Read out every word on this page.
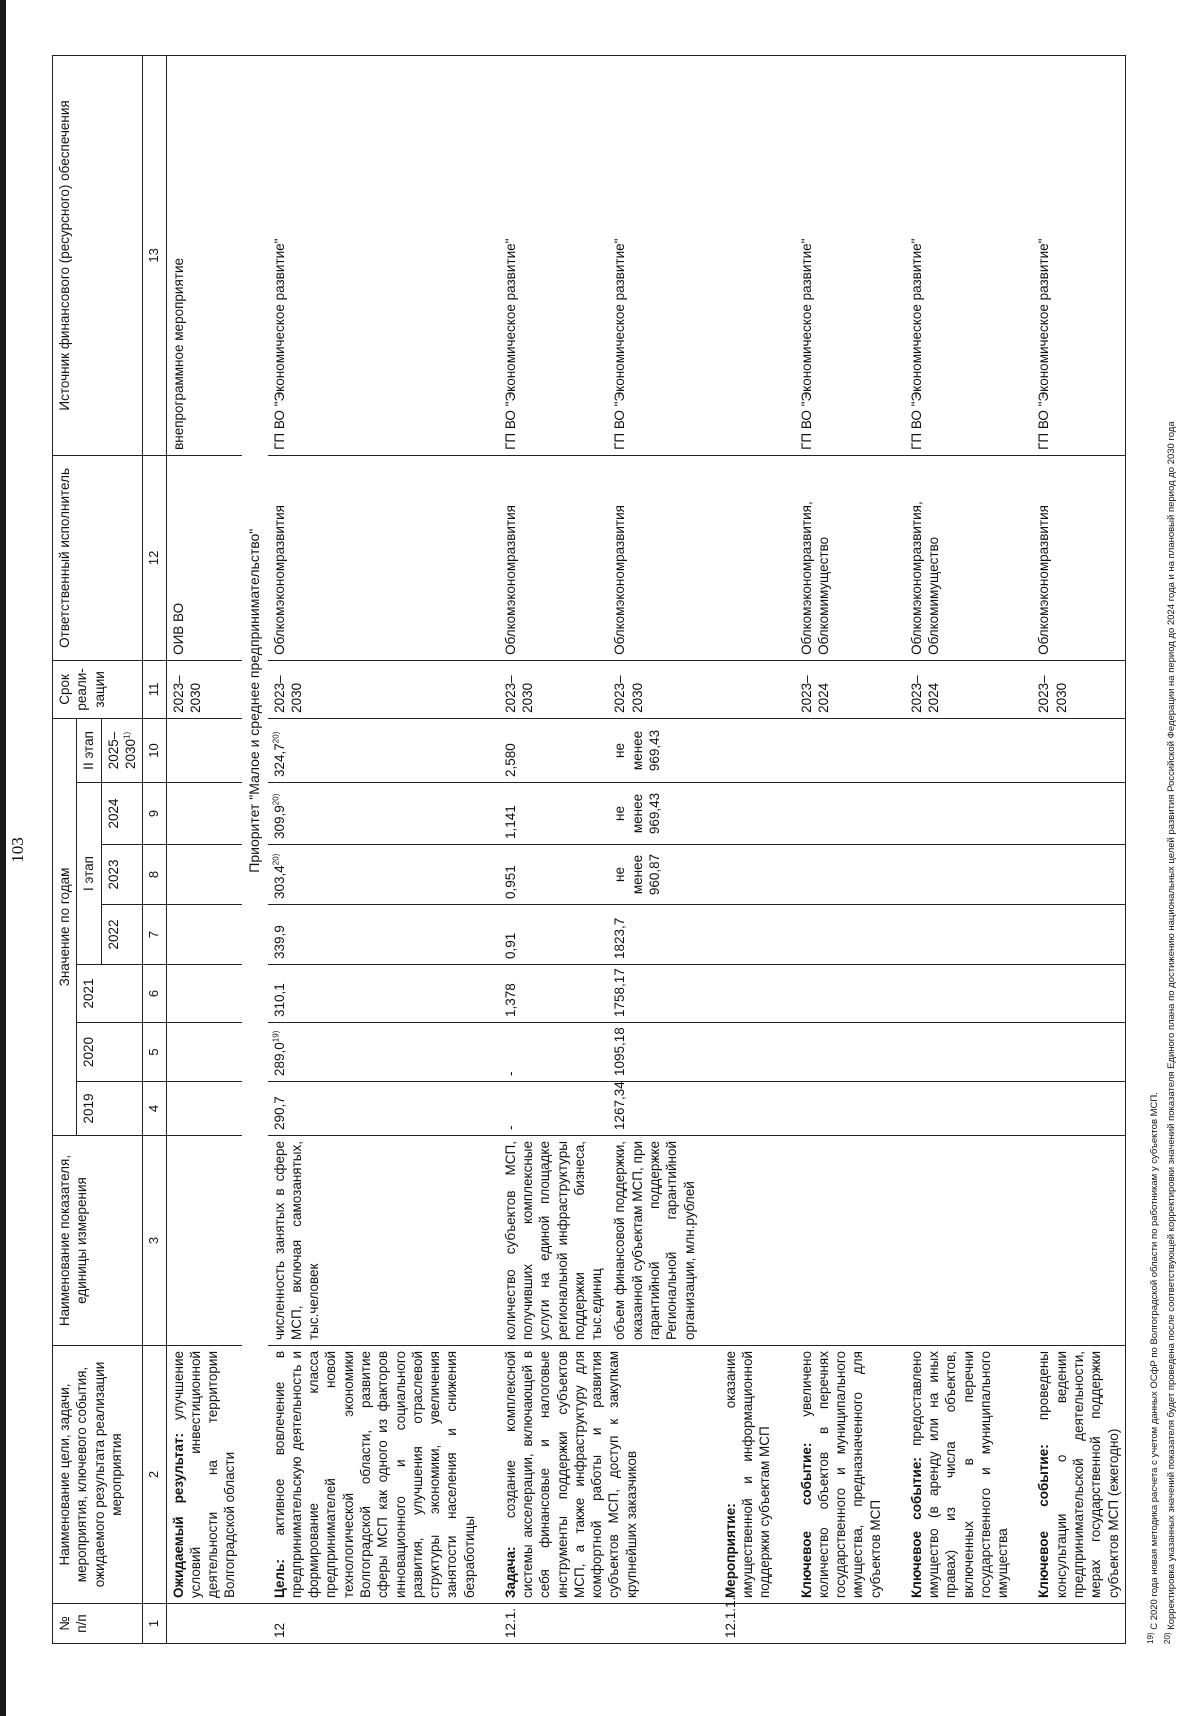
103
№ п/п	Наименование цели, задачи, мероприятия, ключевого события, ожидаемого результата реализации мероприятия	Наименование показателя, единицы измерения	Значение по годам							Срок реали-зации	Ответственный исполнитель	Источник финансового (ресурсного) обеспечения
			2019	2020	2021	I этап			II этап			
						2022	2023	2024	2025–2030$^{1)}$
1	2	3	4	5	6	7	8	9	10	11	12	13
	Ожидаемый результат: улучшение условий инвестиционной деятельности на территории Волгоградской области									2023–2030	ОИВ ВО	внепрограммное мероприятие
		Приоритет "Малое и среднее предпринимательство"										
12	Цель: активное вовлечение в предпринимательскую деятельность и формирование класса предпринимателей новой технологической экономики Волгоградской области, развитие сферы МСП как одного из факторов инновационного и социального развития, улучшения отраслевой структуры экономики, увеличения занятости населения и снижения безработицы	численность занятых в сфере МСП, включая самозанятых, тыс.человек	290,7	289,0$^{19)}$	310,1	339,9	303,4$^{20)}$	309,9$^{20)}$	324,7$^{20)}$	2023–2030	Облкомэкономразвития	ГП ВО "Экономическое развитие"

12.1.	Задача: создание комплексной системы акселерации, включающей в себя финансовые и налоговые инструменты поддержки субъектов МСП, а также инфраструктуру для комфортной работы и развития субъектов МСП, доступ к закупкам крупнейших заказчиков	количество субъектов МСП, получивших комплексные услуги на единой площадке региональной инфраструктуры поддержки бизнеса, тыс.единиц	-	-	1,378	0,91	0,951	1,141	2,580	2023–2030	Облкомэкономразвития	ГП ВО "Экономическое развитие"
		объем финансовой поддержки, оказанной субъектам МСП, при гарантийной поддержке Региональной гарантийной организации, млн.рублей	1267,34	1095,18	1758,17	1823,7	не менее 960,87	не менее 969,43	не менее 969,43	2023–2030	Облкомэкономразвития	ГП ВО "Экономическое развитие"

12.1.1.	Мероприятие: оказание имущественной и информационной поддержки субъектам МСП											

	Ключевое событие: увеличено количество объектов в перечнях государственного и муниципального имущества, предназначенного для субъектов МСП									2023–2024	Облкомэкономразвития, Облкомимущество	ГП ВО "Экономическое развитие"

	Ключевое событие: предоставлено имущество (в аренду или на иных правах) из числа объектов, включенных в перечни государственного и муниципального имущества									2023–2024	Облкомэкономразвития, Облкомимущество	ГП ВО "Экономическое развитие"

	Ключевое событие: проведены консультации о ведении предпринимательской деятельности, мерах государственной поддержки субъектов МСП (ежегодно)									2023–2030	Облкомэкономразвития	ГП ВО "Экономическое развитие"
$^{19)}$ С 2020 года новая методика расчета с учетом данных ОСфР по Волгоградской области по работникам у субъектов МСП.
$^{20)}$ Корректировка указанных значений показателя будет проведена после соответствующей корректировки значений показателя Единого плана по достижению национальных целей развития Российской Федерации на период до 2024 года и на плановый период до 2030 года
